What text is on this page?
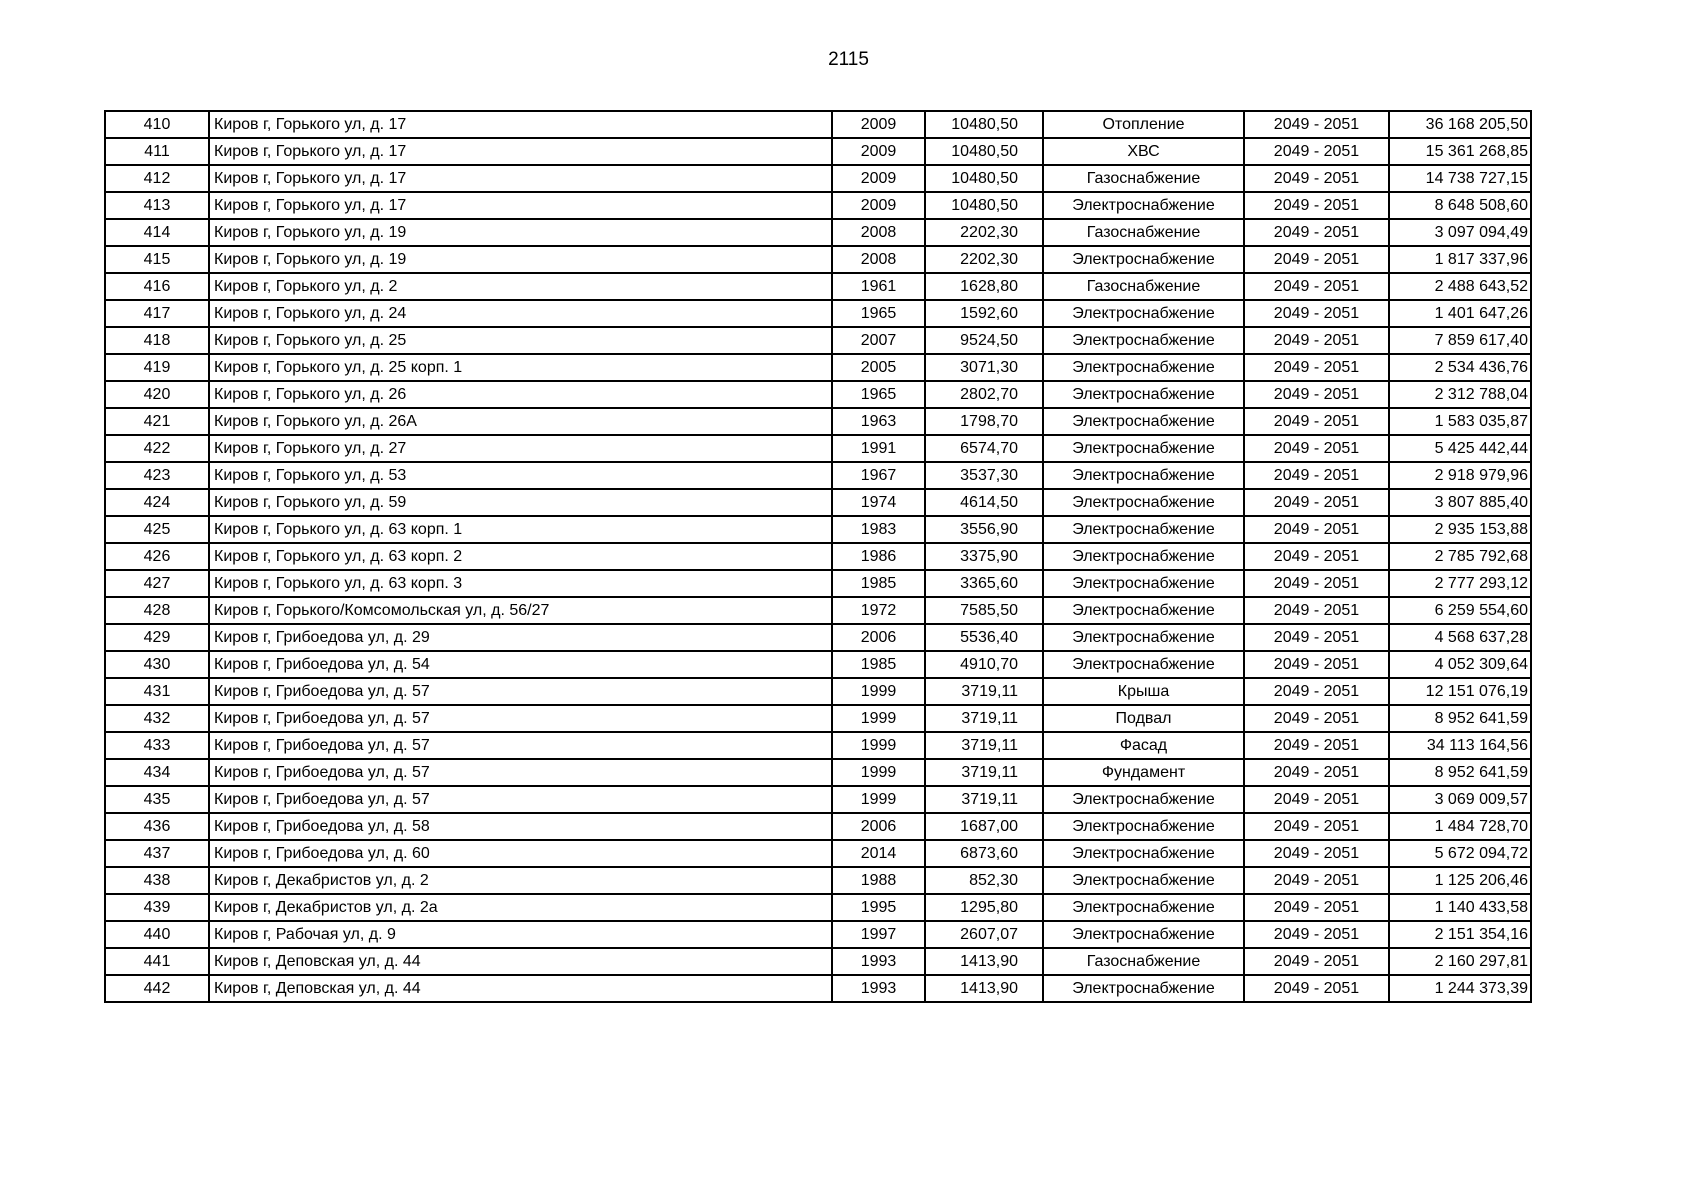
2115
410	Киров г, Горького ул, д. 17	2009	10480,50	Отопление	2049 - 2051	36 168 205,50
411	Киров г, Горького ул, д. 17	2009	10480,50	ХВС	2049 - 2051	15 361 268,85
412	Киров г, Горького ул, д. 17	2009	10480,50	Газоснабжение	2049 - 2051	14 738 727,15
413	Киров г, Горького ул, д. 17	2009	10480,50	Электроснабжение	2049 - 2051	8 648 508,60
414	Киров г, Горького ул, д. 19	2008	2202,30	Газоснабжение	2049 - 2051	3 097 094,49
415	Киров г, Горького ул, д. 19	2008	2202,30	Электроснабжение	2049 - 2051	1 817 337,96
416	Киров г, Горького ул, д. 2	1961	1628,80	Газоснабжение	2049 - 2051	2 488 643,52
417	Киров г, Горького ул, д. 24	1965	1592,60	Электроснабжение	2049 - 2051	1 401 647,26
418	Киров г, Горького ул, д. 25	2007	9524,50	Электроснабжение	2049 - 2051	7 859 617,40
419	Киров г, Горького ул, д. 25 корп. 1	2005	3071,30	Электроснабжение	2049 - 2051	2 534 436,76
420	Киров г, Горького ул, д. 26	1965	2802,70	Электроснабжение	2049 - 2051	2 312 788,04
421	Киров г, Горького ул, д. 26А	1963	1798,70	Электроснабжение	2049 - 2051	1 583 035,87
422	Киров г, Горького ул, д. 27	1991	6574,70	Электроснабжение	2049 - 2051	5 425 442,44
423	Киров г, Горького ул, д. 53	1967	3537,30	Электроснабжение	2049 - 2051	2 918 979,96
424	Киров г, Горького ул, д. 59	1974	4614,50	Электроснабжение	2049 - 2051	3 807 885,40
425	Киров г, Горького ул, д. 63 корп. 1	1983	3556,90	Электроснабжение	2049 - 2051	2 935 153,88
426	Киров г, Горького ул, д. 63 корп. 2	1986	3375,90	Электроснабжение	2049 - 2051	2 785 792,68
427	Киров г, Горького ул, д. 63 корп. 3	1985	3365,60	Электроснабжение	2049 - 2051	2 777 293,12
428	Киров г, Горького/Комсомольская ул, д. 56/27	1972	7585,50	Электроснабжение	2049 - 2051	6 259 554,60
429	Киров г, Грибоедова ул, д. 29	2006	5536,40	Электроснабжение	2049 - 2051	4 568 637,28
430	Киров г, Грибоедова ул, д. 54	1985	4910,70	Электроснабжение	2049 - 2051	4 052 309,64
431	Киров г, Грибоедова ул, д. 57	1999	3719,11	Крыша	2049 - 2051	12 151 076,19
432	Киров г, Грибоедова ул, д. 57	1999	3719,11	Подвал	2049 - 2051	8 952 641,59
433	Киров г, Грибоедова ул, д. 57	1999	3719,11	Фасад	2049 - 2051	34 113 164,56
434	Киров г, Грибоедова ул, д. 57	1999	3719,11	Фундамент	2049 - 2051	8 952 641,59
435	Киров г, Грибоедова ул, д. 57	1999	3719,11	Электроснабжение	2049 - 2051	3 069 009,57
436	Киров г, Грибоедова ул, д. 58	2006	1687,00	Электроснабжение	2049 - 2051	1 484 728,70
437	Киров г, Грибоедова ул, д. 60	2014	6873,60	Электроснабжение	2049 - 2051	5 672 094,72
438	Киров г, Декабристов ул, д. 2	1988	852,30	Электроснабжение	2049 - 2051	1 125 206,46
439	Киров г, Декабристов ул, д. 2а	1995	1295,80	Электроснабжение	2049 - 2051	1 140 433,58
440	Киров г, Рабочая ул, д. 9	1997	2607,07	Электроснабжение	2049 - 2051	2 151 354,16
441	Киров г, Деповская ул, д. 44	1993	1413,90	Газоснабжение	2049 - 2051	2 160 297,81
442	Киров г, Деповская ул, д. 44	1993	1413,90	Электроснабжение	2049 - 2051	1 244 373,39
